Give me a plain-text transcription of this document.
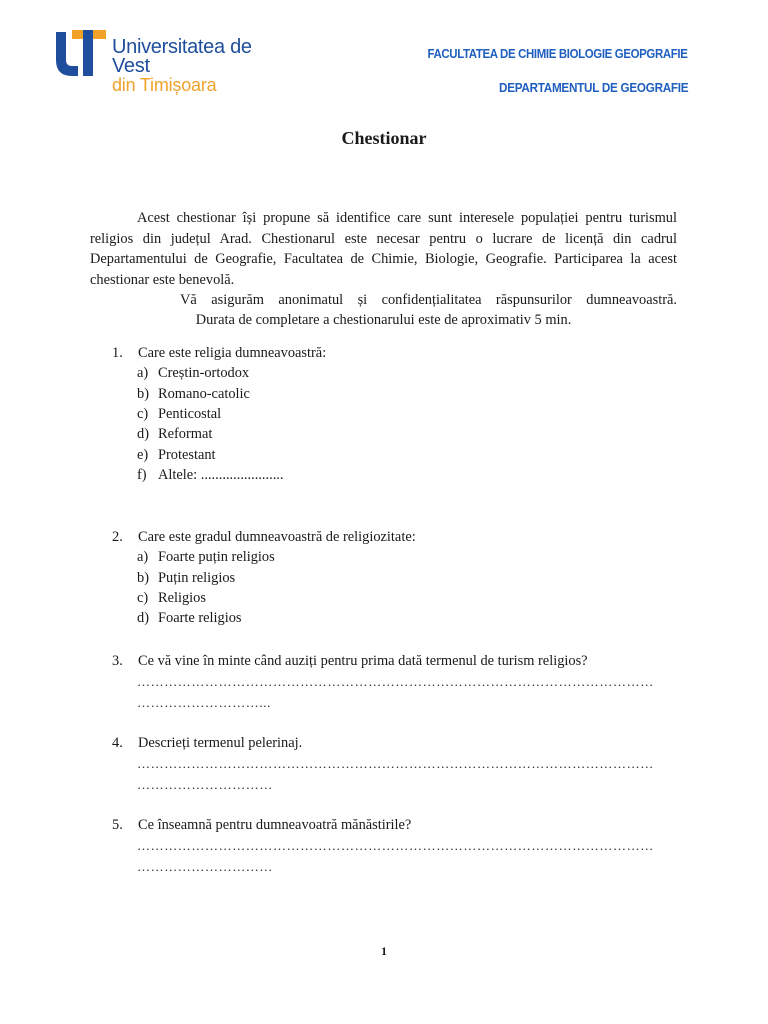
Universitatea de Vest
din Timișoara
FACULTATEA DE CHIMIE BIOLOGIE GEOPGRAFIE
DEPARTAMENTUL DE GEOGRAFIE
Chestionar

Acest chestionar își propune să identifice care sunt interesele populației pentru turismul religios din județul Arad. Chestionarul este necesar pentru o lucrare de licență din cadrul Departamentului de Geografie, Facultatea de Chimie, Biologie, Geografie. Participarea la acest chestionar este benevolă.

Vă asigurăm anonimatul și confidențialitatea răspunsurilor dumneavoastră.
Durata de completare a chestionarului este de aproximativ 5 min.
1. Care este religia dumneavoastră:
a) Creștin-ortodox
b) Romano-catolic
c) Penticostal
d) Reformat
e) Protestant
f) Altele: .......................
2. Care este gradul dumneavoastră de religiozitate:
a) Foarte puțin religios
b) Puțin religios
c) Religios
d) Foarte religios
3. Ce vă vine în minte când auziți pentru prima dată termenul de turism religios?
……………………………………………………………………………………………………
………………………...
4. Descrieți termenul pelerinaj.
……………………………………………………………………………………………………
…………………………
5. Ce înseamnă pentru dumneavoatră mănăstirile?
……………………………………………………………………………………………………
…………………………
1
